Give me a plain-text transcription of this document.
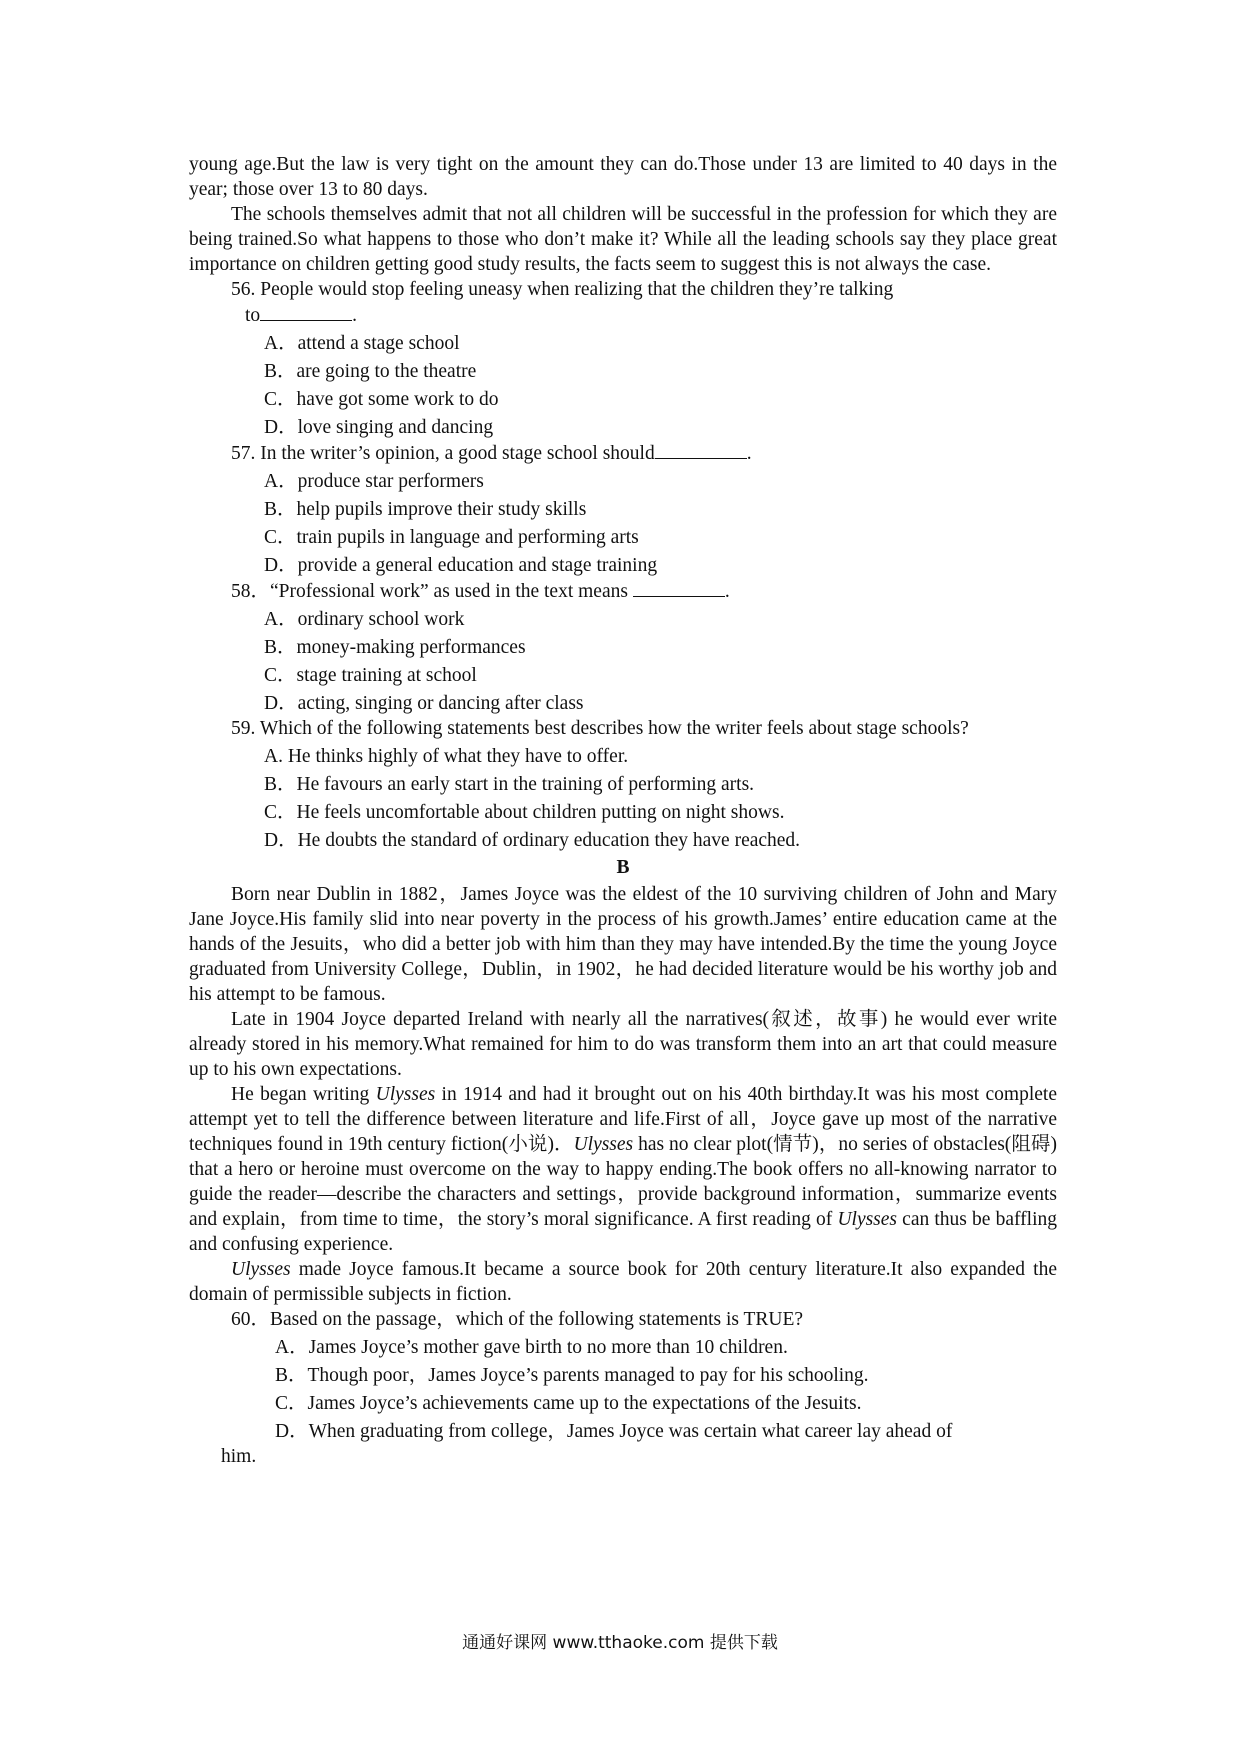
young age.But the law is very tight on the amount they can do.Those under 13 are limited to 40 days in the year; those over 13 to 80 days.

The schools themselves admit that not all children will be successful in the profession for which they are being trained.So what happens to those who don’t make it? While all the leading schools say they place great importance on children getting good study results, the facts seem to suggest this is not always the case.

56. People would stop feeling uneasy when realizing that the children they’re talking

to	.

A．attend a stage school

B．are going to the theatre

C．have got some work to do

D．love singing and dancing

57. In the writer’s opinion, a good stage school should	.

A．produce star performers

B．help pupils improve their study skills

C．train pupils in language and performing arts

D．provide a general education and stage training

58．“Professional work” as used in the text means	.

A．ordinary school work

B．money-making performances

C．stage training at school

D．acting, singing or dancing after class

59. Which of the following statements best describes how the writer feels about stage schools?

A. He thinks highly of what they have to offer.

B．He favours an early start in the training of performing arts.

C．He feels uncomfortable about children putting on night shows.

D．He doubts the standard of ordinary education they have reached.

B

Born near Dublin in 1882，James Joyce was the eldest of the 10 surviving children of John and Mary Jane Joyce.His family slid into near poverty in the process of his growth.James’ entire education came at the hands of the Jesuits，who did a better job with him than they may have intended.By the time the young Joyce graduated from University College，Dublin，in 1902，he had decided literature would be his worthy job and his attempt to be famous.

Late in 1904 Joyce departed Ireland with nearly all the narratives(叙述，故事) he would ever write already stored in his memory.What remained for him to do was transform them into an art that could measure up to his own expectations.

He began writing Ulysses in 1914 and had it brought out on his 40th birthday.It was his most complete attempt yet to tell the difference between literature and life.First of all，Joyce gave up most of the narrative techniques found in 19th century fiction(小说)．Ulysses has no clear plot(情节)，no series of obstacles(阻碍) that a hero or heroine must overcome on the way to happy ending.The book offers no all-knowing narrator to guide the reader—describe the characters and settings，provide background information，summarize events and explain，from time to time，the story’s moral significance. A first reading of Ulysses can thus be baffling and confusing experience.

Ulysses made Joyce famous.It became a source book for 20th century literature.It also expanded the domain of permissible subjects in fiction.

60．Based on the passage，which of the following statements is TRUE?

A．James Joyce’s mother gave birth to no more than 10 children.

B．Though poor，James Joyce’s parents managed to pay for his schooling.

C．James Joyce’s achievements came up to the expectations of the Jesuits.

D．When graduating from college，James Joyce was certain what career lay ahead of

him.

通通好课网 www.tthaoke.com 提供下载
